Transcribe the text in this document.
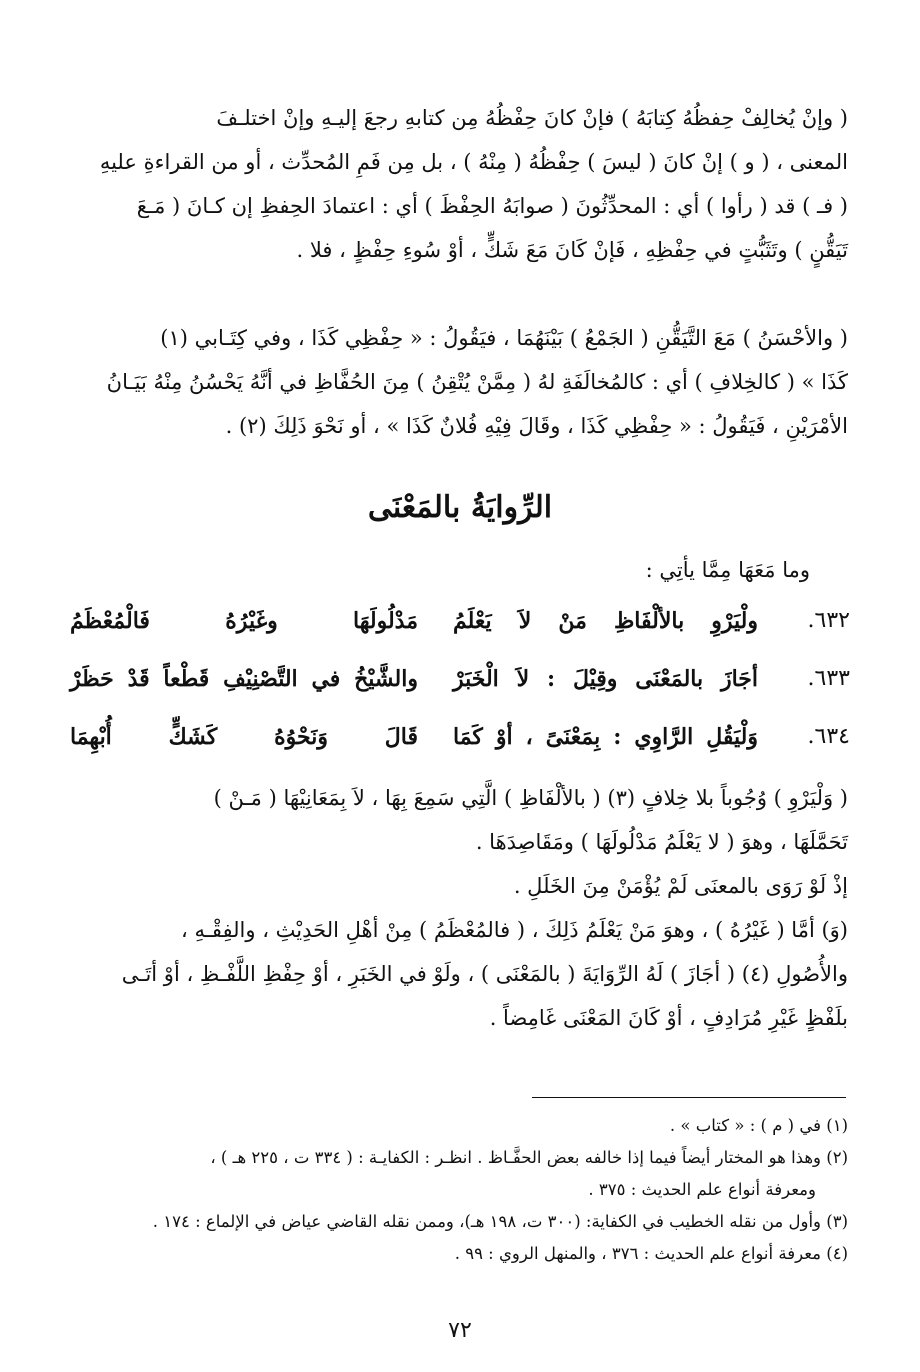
( وإنْ يُخالِفْ حِفظُهُ كِتابَهُ ) فإنْ كانَ حِفْظُهُ مِن كتابهِ رجعَ إليـهِ وإنْ اختلـفَ

المعنى ، ( و ) إنْ كانَ ( ليسَ ) حِفْظُهُ ( مِنْهُ ) ، بل مِن فَمِ المُحدِّث ، أو من القراءةِ عليهِ

( فـ ) قد ( رأوا ) أي : المحدِّثُونَ ( صوابَهُ الحِفْظَ ) أي : اعتمادَ الحِفظِ إن كـانَ ( مَـعَ

تَيَقُّنٍ ) وتَثَبُّتٍ في حِفْظِهِ ، فَإنْ كَانَ مَعَ شَكٍّ ، أوْ سُوءِ حِفْظٍ ، فلا .

( والأحْسَنُ ) مَعَ التَّيَقُّنِ ( الجَمْعُ ) بَيْنَهُمَا ، فيَقُولُ : « حِفْظِي كَذَا ، وفي كِتَـابي (١)

كَذَا » ( كالخِلافِ ) أي : كالمُخالَفَةِ لهُ ( مِمَّنْ يُتْقِنُ ) مِنَ الحُفَّاظِ في أنَّهُ يَحْسُنُ مِنْهُ بَيَـانُ

الأمْرَيْنِ ، فَيَقُولُ : « حِفْظِي كَذَا ، وقَالَ فِيْهِ فُلانٌ كَذَا » ، أو نَحْوَ ذَلِكَ (٢) .

الرِّوايَةُ بالمَعْنَى
وما مَعَهَا مِمَّا يأتِي :
٦٣٢.
ولْيَرْوِ بالألْفَاظِ مَنْ لاَ يَعْلَمُ
مَدْلُولَهَا وغَيْرُهُ فَالْمُعْظَمُ
٦٣٣.
أجَازَ بالمَعْنَى وقِيْلَ : لاَ الْخَبَرْ
والشَّيْخُ في التَّصْنِيْفِ قَطْعاً قَدْ حَظَرْ
٦٣٤.
وَلْيَقُلِ الرَّاوِي : بِمَعْنَىً ، أوْ كَمَا
قَالَ وَنَحْوُهُ كَشَكٍّ أُبْهِمَا

( وَلْيَرْوِ ) وُجُوباً بلا خِلافٍ (٣) ( بالألْفَاظِ ) الَّتِي سَمِعَ بِهَا ، لاَ بِمَعَانِيْهَا ( مَـنْ )

تَحَمَّلَهَا ، وهوَ ( لا يَعْلَمُ مَدْلُولَهَا ) ومَقَاصِدَهَا .

إذْ لَوْ رَوَى بالمعنَى لَمْ يُؤْمَنْ مِنَ الخَلَلِ .

(وَ) أمَّا ( غَيْرُهُ ) ، وهوَ مَنْ يَعْلَمُ ذَلِكَ ، ( فالمُعْظَمُ ) مِنْ أهْلِ الحَدِيْثِ ، والفِقْـهِ ،

والأُصُولِ (٤) ( أجَازَ ) لَهُ الرِّوَايَةَ ( بالمَعْنَى ) ، ولَوْ في الخَبَرِ ، أوْ حِفْظِ اللَّفْـظِ ، أوْ أتَـى

بلَفْظٍ غَيْرِ مُرَادِفٍ ، أوْ كَانَ المَعْنَى غَامِضاً .

(١) في ( م ) : « كتاب » .

(٢) وهذا هو المختار أيضاً فيما إذا خالفه بعض الحفَّـاظ . انظـر : الكفايـة : ( ٣٣٤ ت ، ٢٢٥ هـ ) ،

ومعرفة أنواع علم الحديث : ٣٧٥ .

(٣) وأول من نقله الخطيب في الكفاية: (٣٠٠ ت، ١٩٨ هـ)، وممن نقله القاضي عياض في الإلماع : ١٧٤ .

(٤) معرفة أنواع علم الحديث : ٣٧٦ ، والمنهل الروي : ٩٩ .

٧٢
